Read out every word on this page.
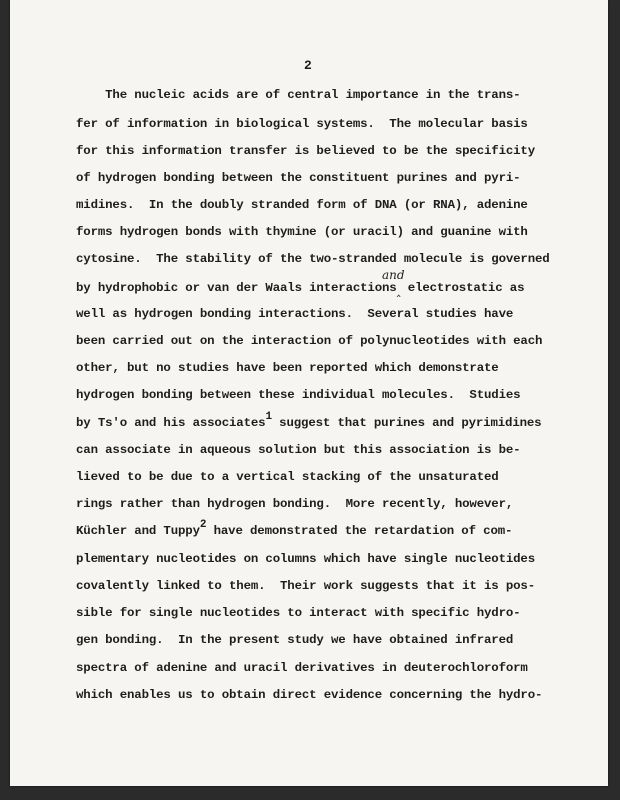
2
The nucleic acids are of central importance in the trans-
fer of information in biological systems.  The molecular basis
for this information transfer is believed to be the specificity
of hydrogen bonding between the constituent purines and pyri-
midines.  In the doubly stranded form of DNA (or RNA), adenine
forms hydrogen bonds with thymine (or uracil) and guanine with
cytosine.  The stability of the two-stranded molecule is governed
and
by hydrophobic or van der Waals interactions‸ electrostatic as
well as hydrogen bonding interactions.  Several studies have
been carried out on the interaction of polynucleotides with each
other, but no studies have been reported which demonstrate
hydrogen bonding between these individual molecules.  Studies
by Ts'o and his associates1 suggest that purines and pyrimidines
can associate in aqueous solution but this association is be-
lieved to be due to a vertical stacking of the unsaturated
rings rather than hydrogen bonding.  More recently, however,
Küchler and Tuppy2 have demonstrated the retardation of com-
plementary nucleotides on columns which have single nucleotides
covalently linked to them.  Their work suggests that it is pos-
sible for single nucleotides to interact with specific hydro-
gen bonding.  In the present study we have obtained infrared
spectra of adenine and uracil derivatives in deuterochloroform
which enables us to obtain direct evidence concerning the hydro-
